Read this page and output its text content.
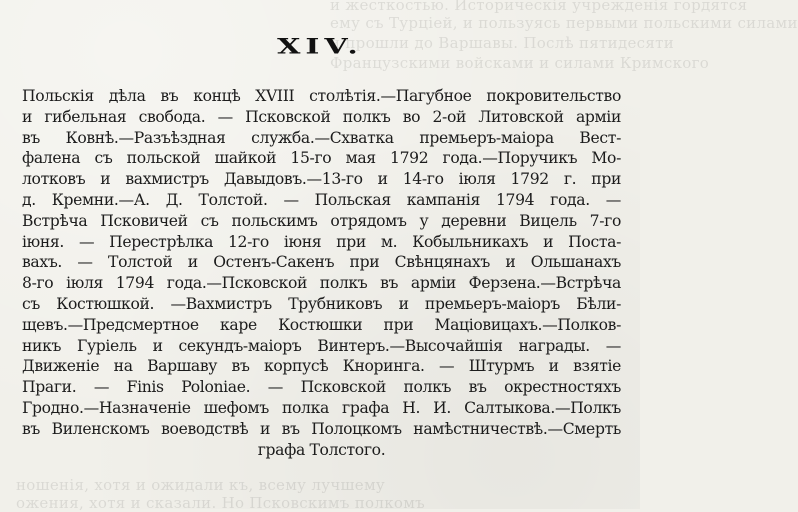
и жесткостью. Историческія учрежденія гордятся
ему съ Турціей, и пользуясь первыми польскими силами
и прошли до Варшавы. Послѣ пятидесяти
Французскими войсками и силами Кримского
ношенія, хотя и ожидали къ, всему лучшему
ожения, хотя и сказали. Но Псковскимъ полкомъ
XIV.
Польскія дѣла въ концѣ XVIII столѣтія.—Пагубное покровительство
и гибельная свобода. — Псковской полкъ во 2-ой Литовской арміи
въ Ковнѣ.—Разъѣздная служба.—Схватка премьеръ-маіора Вест-
фалена съ польской шайкой 15-го мая 1792 года.—Поручикъ Мо-
лотковъ и вахмистръ Давыдовъ.—13-го и 14-го іюля 1792 г. при
д. Кремни.—А. Д. Толстой. — Польская кампанія 1794 года. —
Встрѣча Псковичей съ польскимъ отрядомъ у деревни Вицель 7-го
іюня. — Перестрѣлка 12-го іюня при м. Кобыльникахъ и Поста-
вахъ. — Толстой и Остенъ-Сакенъ при Свѣнцянахъ и Ольшанахъ
8-го іюля 1794 года.—Псковской полкъ въ арміи Ферзена.—Встрѣча
съ Костюшкой. —Вахмистръ Трубниковъ и премьеръ-маіоръ Бѣли-
щевъ.—Предсмертное каре Костюшки при Маціовицахъ.—Полков-
никъ Гуріель и секундъ-маіоръ Винтеръ.—Высочайшія награды. —
Движеніе на Варшаву въ корпусѣ Кноринга. — Штурмъ и взятіе
Праги. — Finis Poloniae. — Псковской полкъ въ окрестностяхъ
Гродно.—Назначеніе шефомъ полка графа Н. И. Салтыкова.—Полкъ
въ Виленскомъ воеводствѣ и въ Полоцкомъ намѣстничествѣ.—Смерть
графа Толстого.
